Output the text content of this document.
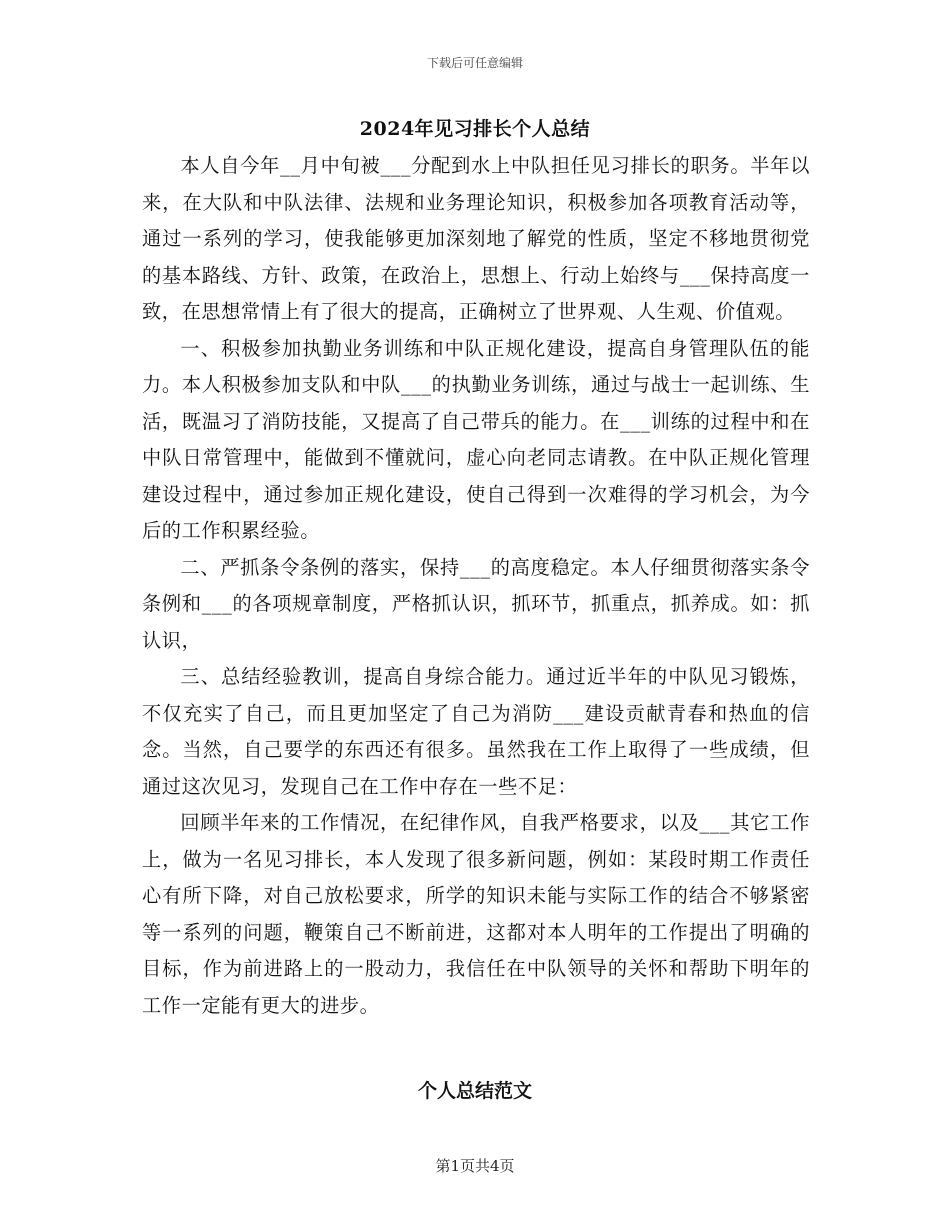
下载后可任意编辑
2024年见习排长个人总结

本人自今年__月中旬被___分配到水上中队担任见习排长的职务。半年以来，在大队和中队法律、法规和业务理论知识，积极参加各项教育活动等，通过一系列的学习，使我能够更加深刻地了解党的性质，坚定不移地贯彻党的基本路线、方针、政策，在政治上，思想上、行动上始终与___保持高度一致，在思想常情上有了很大的提高，正确树立了世界观、人生观、价值观。

一、积极参加执勤业务训练和中队正规化建设，提高自身管理队伍的能力。本人积极参加支队和中队___的执勤业务训练，通过与战士一起训练、生活，既温习了消防技能，又提高了自己带兵的能力。在___训练的过程中和在中队日常管理中，能做到不懂就问，虚心向老同志请教。在中队正规化管理建设过程中，通过参加正规化建设，使自己得到一次难得的学习机会，为今后的工作积累经验。

二、严抓条令条例的落实，保持___的高度稳定。本人仔细贯彻落实条令条例和___的各项规章制度，严格抓认识，抓环节，抓重点，抓养成。如：抓认识，

三、总结经验教训，提高自身综合能力。通过近半年的中队见习锻炼，不仅充实了自己，而且更加坚定了自己为消防___建设贡献青春和热血的信念。当然，自己要学的东西还有很多。虽然我在工作上取得了一些成绩，但通过这次见习，发现自己在工作中存在一些不足：

回顾半年来的工作情况，在纪律作风，自我严格要求，以及___其它工作上，做为一名见习排长，本人发现了很多新问题，例如：某段时期工作责任心有所下降，对自己放松要求，所学的知识未能与实际工作的结合不够紧密等一系列的问题，鞭策自己不断前进，这都对本人明年的工作提出了明确的目标，作为前进路上的一股动力，我信任在中队领导的关怀和帮助下明年的工作一定能有更大的进步。

个人总结范文
第1页共4页
